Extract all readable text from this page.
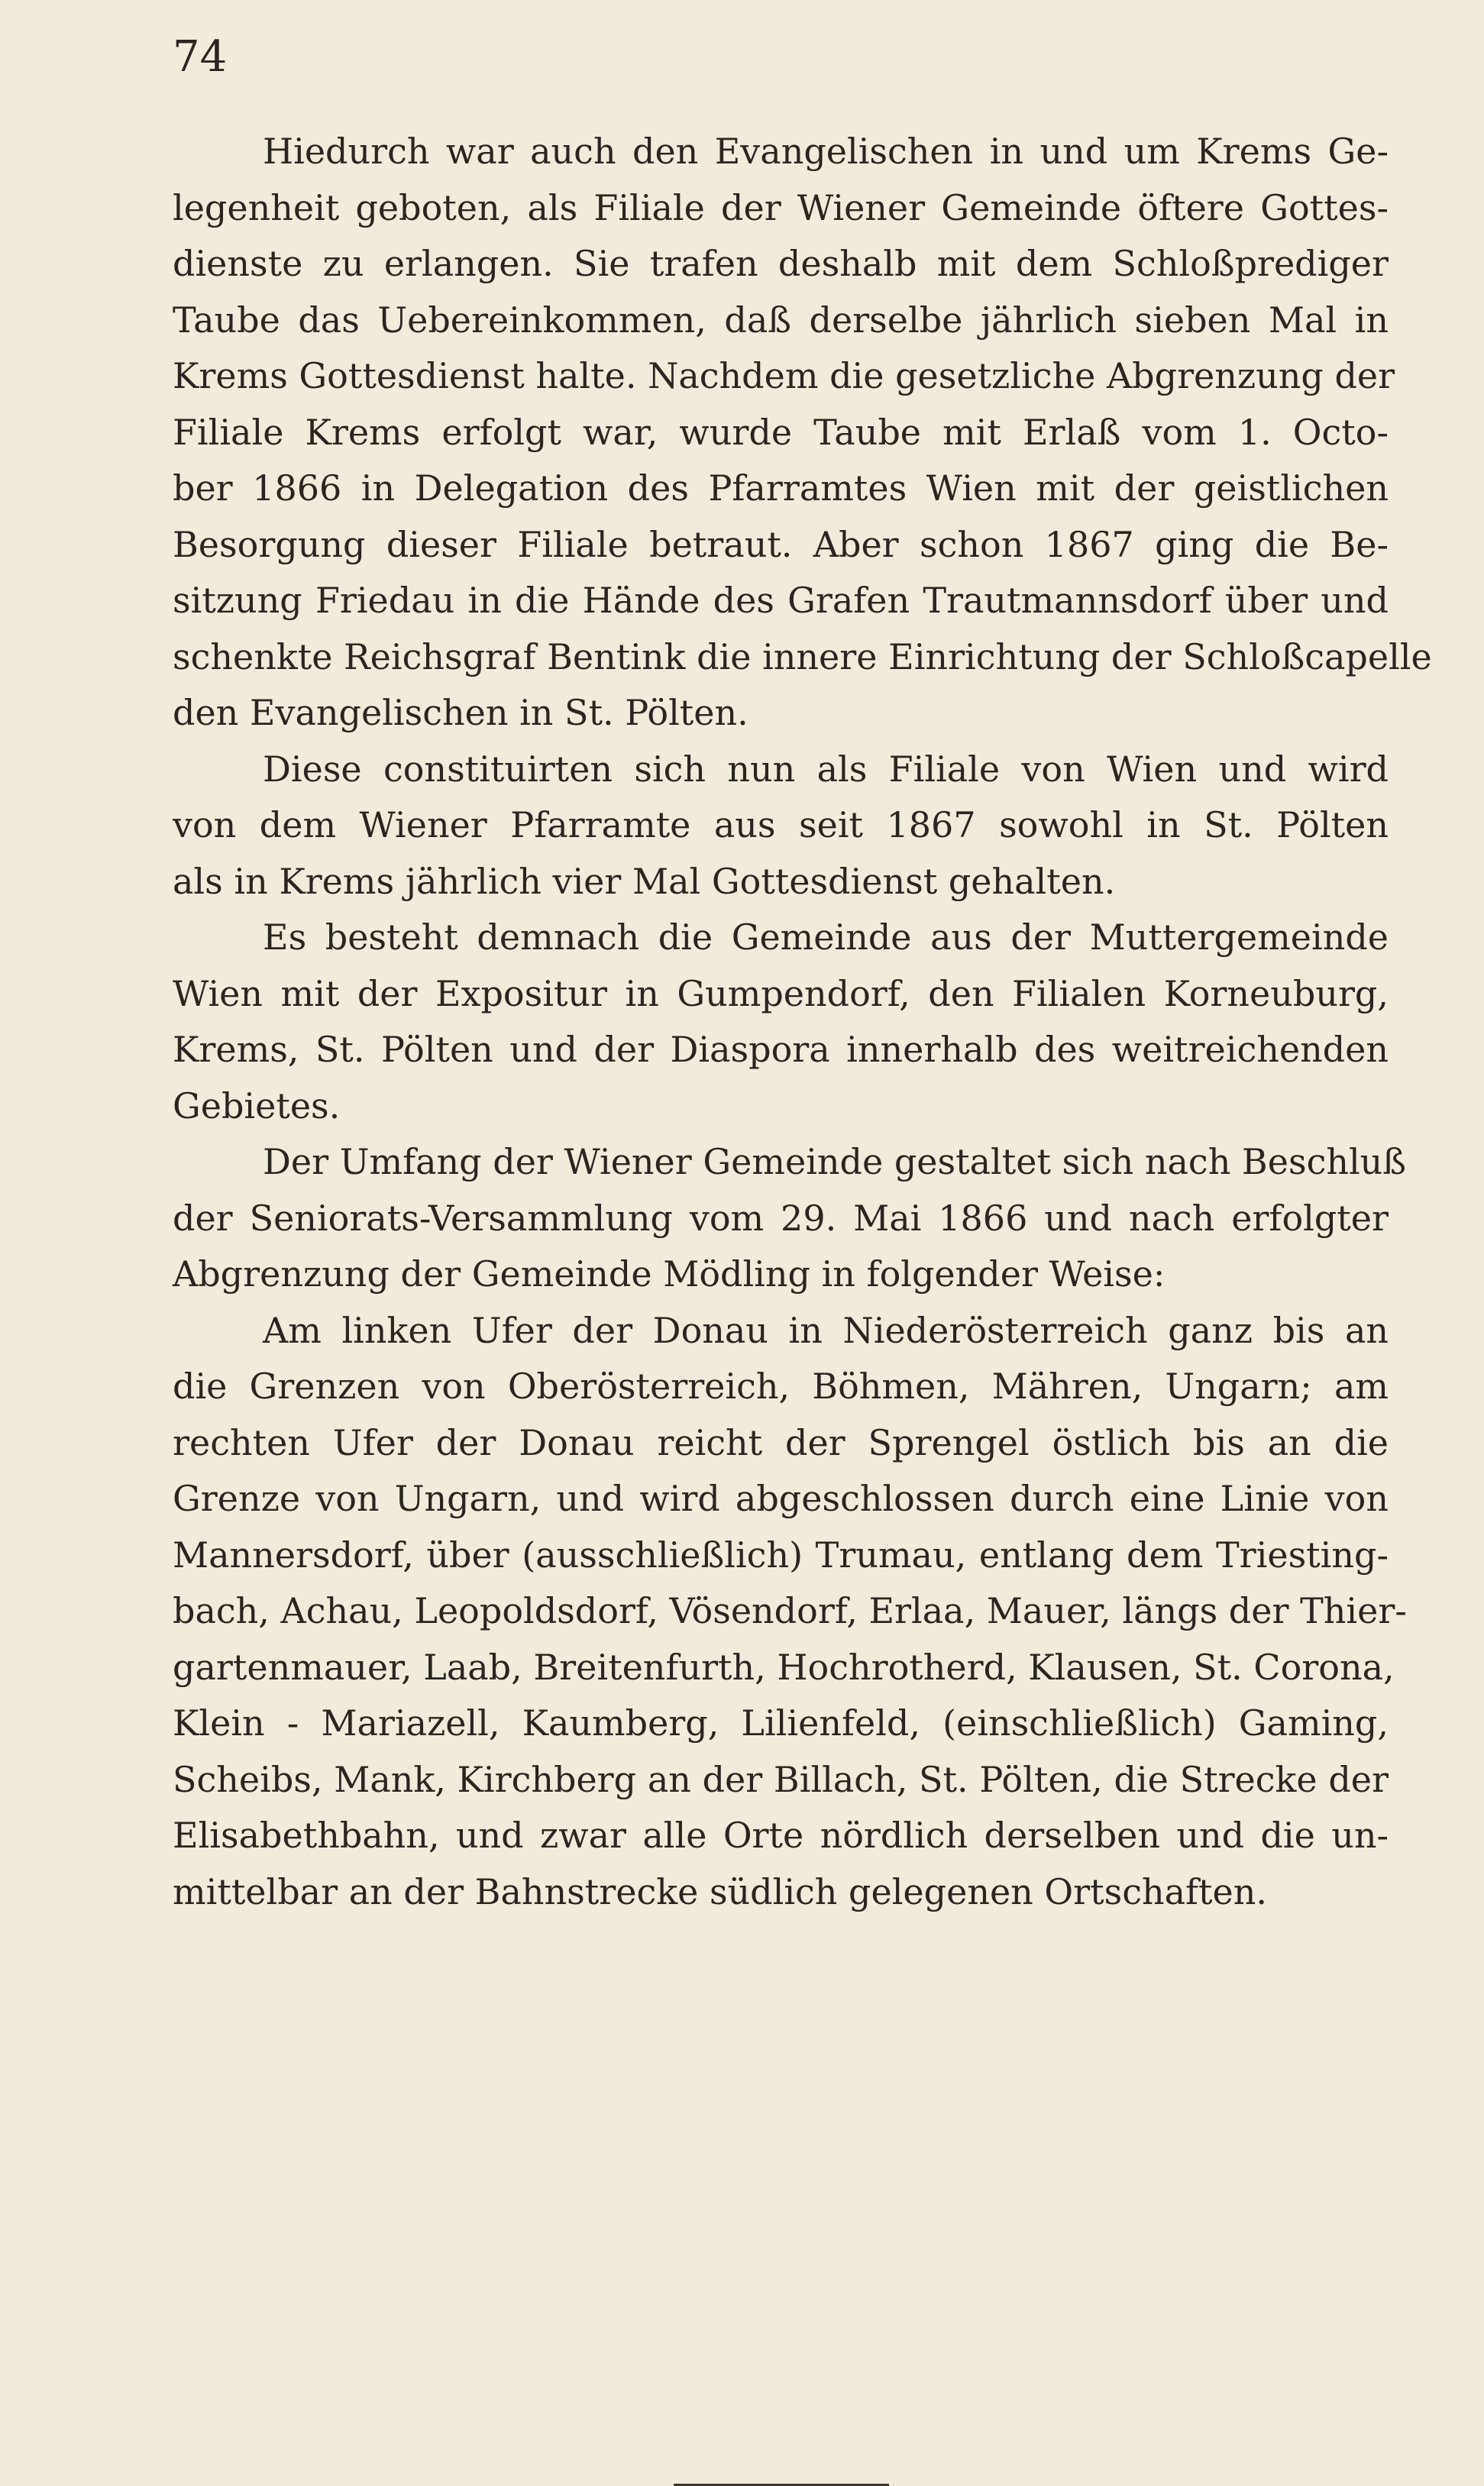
74
Hiedurch war auch den Evangelischen in und um Krems Ge-
legenheit geboten, als Filiale der Wiener Gemeinde öftere Gottes-
dienste zu erlangen. Sie trafen deshalb mit dem Schloßprediger
Taube das Uebereinkommen, daß derselbe jährlich sieben Mal in
Krems Gottesdienst halte. Nachdem die gesetzliche Abgrenzung der
Filiale Krems erfolgt war, wurde Taube mit Erlaß vom 1. Octo-
ber 1866 in Delegation des Pfarramtes Wien mit der geistlichen
Besorgung dieser Filiale betraut. Aber schon 1867 ging die Be-
sitzung Friedau in die Hände des Grafen Trautmannsdorf über und
schenkte Reichsgraf Bentink die innere Einrichtung der Schloßcapelle
den Evangelischen in St. Pölten.
Diese constituirten sich nun als Filiale von Wien und wird
von dem Wiener Pfarramte aus seit 1867 sowohl in St. Pölten
als in Krems jährlich vier Mal Gottesdienst gehalten.
Es besteht demnach die Gemeinde aus der Muttergemeinde
Wien mit der Expositur in Gumpendorf, den Filialen Korneuburg,
Krems, St. Pölten und der Diaspora innerhalb des weitreichenden
Gebietes.
Der Umfang der Wiener Gemeinde gestaltet sich nach Beschluß
der Seniorats-Versammlung vom 29. Mai 1866 und nach erfolgter
Abgrenzung der Gemeinde Mödling in folgender Weise:
Am linken Ufer der Donau in Niederösterreich ganz bis an
die Grenzen von Oberösterreich, Böhmen, Mähren, Ungarn; am
rechten Ufer der Donau reicht der Sprengel östlich bis an die
Grenze von Ungarn, und wird abgeschlossen durch eine Linie von
Mannersdorf, über (ausschließlich) Trumau, entlang dem Triesting-
bach, Achau, Leopoldsdorf, Vösendorf, Erlaa, Mauer, längs der Thier-
gartenmauer, Laab, Breitenfurth, Hochrotherd, Klausen, St. Corona,
Klein - Mariazell, Kaumberg, Lilienfeld, (einschließlich) Gaming,
Scheibs, Mank, Kirchberg an der Billach, St. Pölten, die Strecke der
Elisabethbahn, und zwar alle Orte nördlich derselben und die un-
mittelbar an der Bahnstrecke südlich gelegenen Ortschaften.
